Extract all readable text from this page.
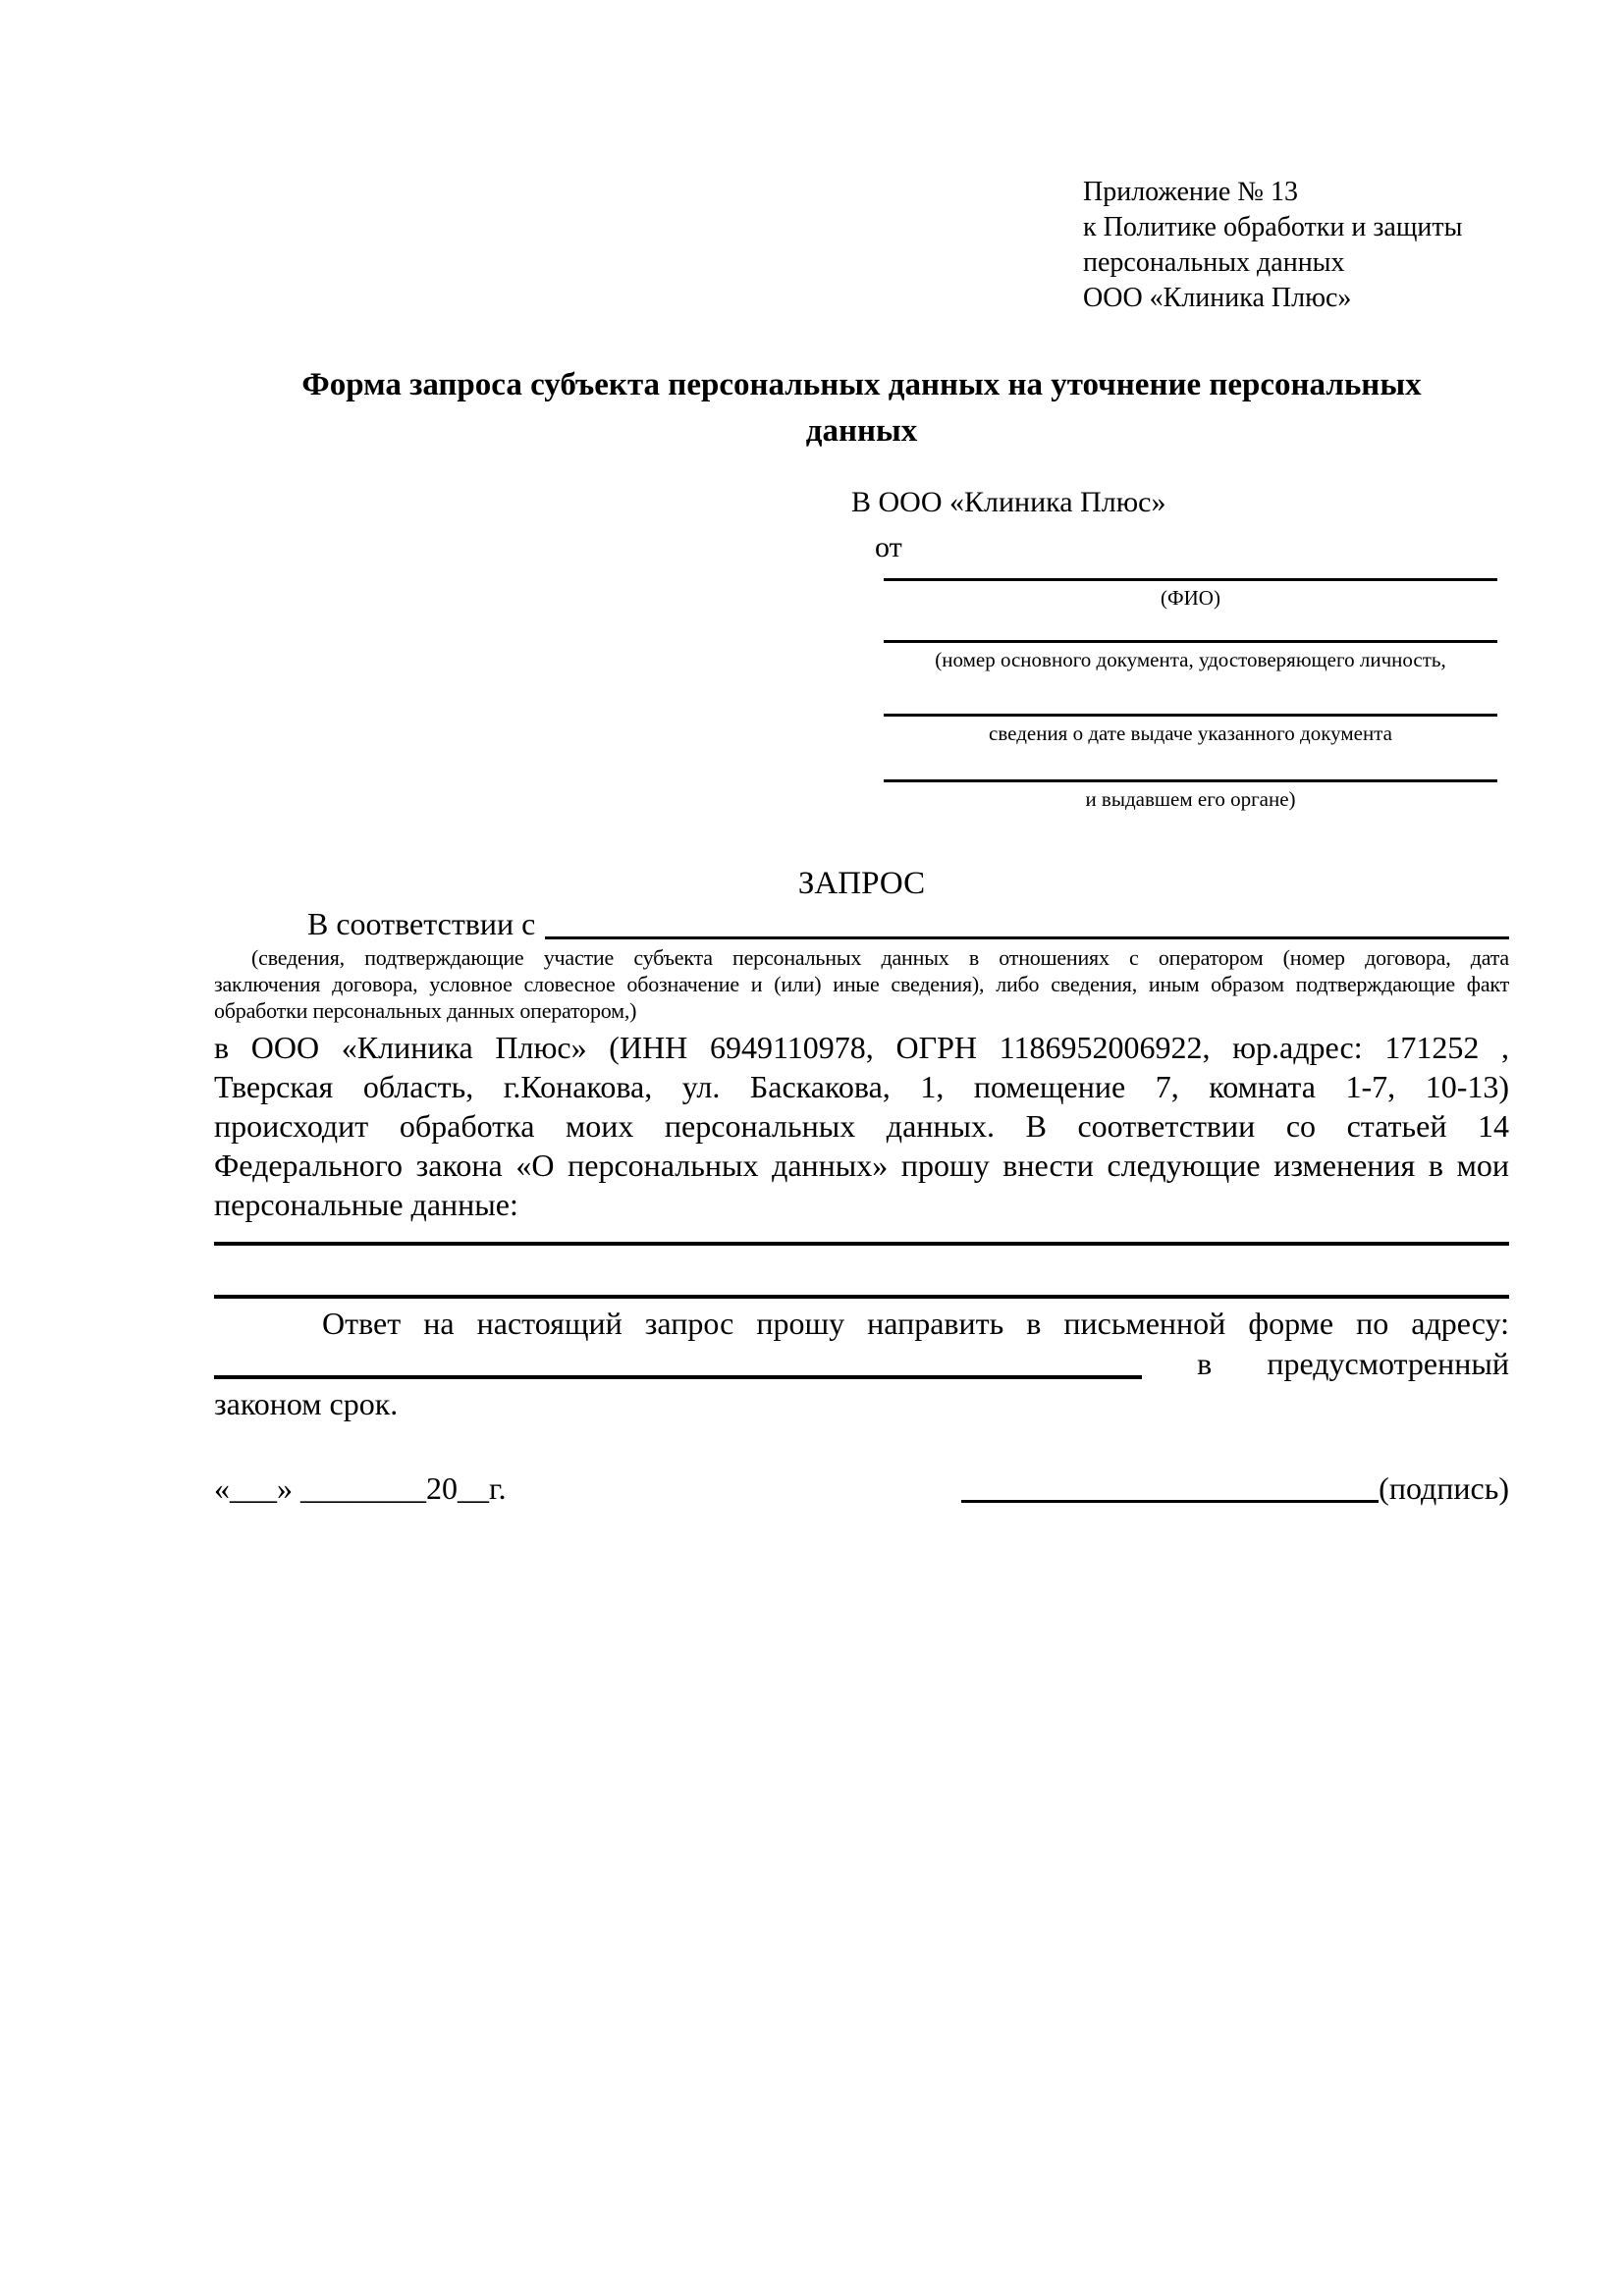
Приложение № 13
к Политике обработки и защиты
персональных данных
ООО «Клиника Плюс»
Форма запроса субъекта персональных данных на уточнение персональных данных
В ООО «Клиника Плюс»
от
(ФИО)
(номер основного документа, удостоверяющего личность,
сведения о дате выдаче указанного документа
и выдавшем его органе)
ЗАПРОС
В соответствии с
(сведения, подтверждающие участие субъекта персональных данных в отношениях с оператором (номер договора, дата
заключения договора, условное словесное обозначение и (или) иные сведения), либо сведения, иным образом подтверждающие факт
обработки персональных данных оператором,)
в ООО «Клиника Плюс» (ИНН 6949110978, ОГРН 1186952006922, юр.адрес: 171252 ,
Тверская область, г.Конакова, ул. Баскакова, 1, помещение 7, комната 1-7, 10-13)
происходит обработка моих персональных данных. В соответствии со статьей 14
Федерального закона «О персональных данных» прошу внести следующие изменения в мои
персональные данные:
Ответ на настоящий запрос прошу направить в письменной форме по адресу:
в предусмотренный
законом срок.
«___» ________20__г.	(подпись)
